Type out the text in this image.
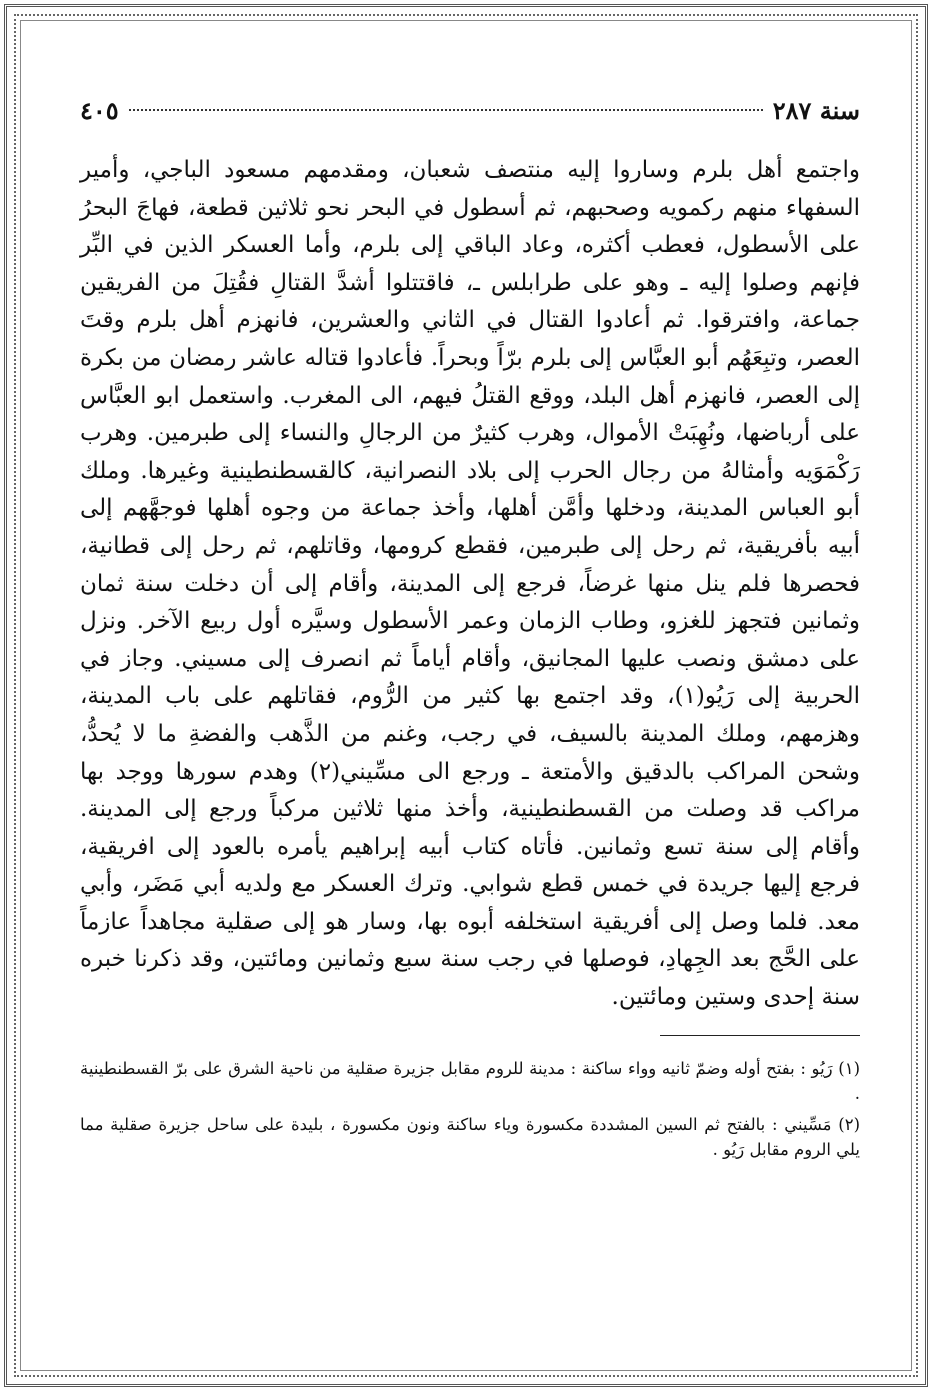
سنة ٢٨٧
٤٠٥

واجتمع أهل بلرم وساروا إليه منتصف شعبان، ومقدمهم مسعود الباجي، وأمير السفهاء منهم ركمويه وصحبهم، ثم أسطول في البحر نحو ثلاثين قطعة، فهاجَ البحرُ على الأسطول، فعطب أكثره، وعاد الباقي إلى بلرم، وأما العسكر الذين في البِّر فإنهم وصلوا إليه ـ وهو على طرابلس ـ، فاقتتلوا أشدَّ القتالِ فقُتِلَ من الفريقين جماعة، وافترقوا. ثم أعادوا القتال في الثاني والعشرين، فانهزم أهل بلرم وقتَ العصر، وتبِعَهُم أبو العبَّاس إلى بلرم برّاً وبحراً. فأعادوا قتاله عاشر رمضان من بكرة إلى العصر، فانهزم أهل البلد، ووقع القتلُ فيهم، الى المغرب. واستعمل ابو العبَّاس على أرباضها، ونُهِبَتْ الأموال، وهرب كثيرٌ من الرجالِ والنساء إلى طبرمين. وهرب رَكْمَوَيه وأمثالهُ من رجال الحرب إلى بلاد النصرانية، كالقسطنطينية وغيرها. وملك أبو العباس المدينة، ودخلها وأمَّن أهلها، وأخذ جماعة من وجوه أهلها فوجهَّهم إلى أبيه بأفريقية، ثم رحل إلى طبرمين، فقطع كرومها، وقاتلهم، ثم رحل إلى قطانية، فحصرها فلم ينل منها غرضاً، فرجع إلى المدينة، وأقام إلى أن دخلت سنة ثمان وثمانين فتجهز للغزو، وطاب الزمان وعمر الأسطول وسيَّره أول ربيع الآخر. ونزل على دمشق ونصب عليها المجانيق، وأقام أياماً ثم انصرف إلى مسيني. وجاز في الحربية إلى رَيُو(١)، وقد اجتمع بها كثير من الرُّوم، فقاتلهم على باب المدينة، وهزمهم، وملك المدينة بالسيف، في رجب، وغنم من الذَّهب والفضةِ ما لا يُحدُّ، وشحن المراكب بالدقيق والأمتعة ـ ورجع الى مسِّيني(٢) وهدم سورها ووجد بها مراكب قد وصلت من القسطنطينية، وأخذ منها ثلاثين مركباً ورجع إلى المدينة. وأقام إلى سنة تسع وثمانين. فأتاه كتاب أبيه إبراهيم يأمره بالعود إلى افريقية، فرجع إليها جريدة في خمس قطع شوابي. وترك العسكر مع ولديه أبي مَضَر، وأبي معد. فلما وصل إلى أفريقية استخلفه أبوه بها، وسار هو إلى صقلية مجاهداً عازماً على الحَّج بعد الجِهادِ، فوصلها في رجب سنة سبع وثمانين ومائتين، وقد ذكرنا خبره سنة إحدى وستين ومائتين.

(١) رَيُو : بفتح أوله وضمّ ثانيه وواء ساكنة : مدينة للروم مقابل جزيرة صقلية من ناحية الشرق على برّ القسطنطينية .

(٢) مَسِّيني : بالفتح ثم السين المشددة مكسورة وياء ساكنة ونون مكسورة ، بليدة على ساحل جزيرة صقلية مما يلي الروم مقابل رَيُو .
